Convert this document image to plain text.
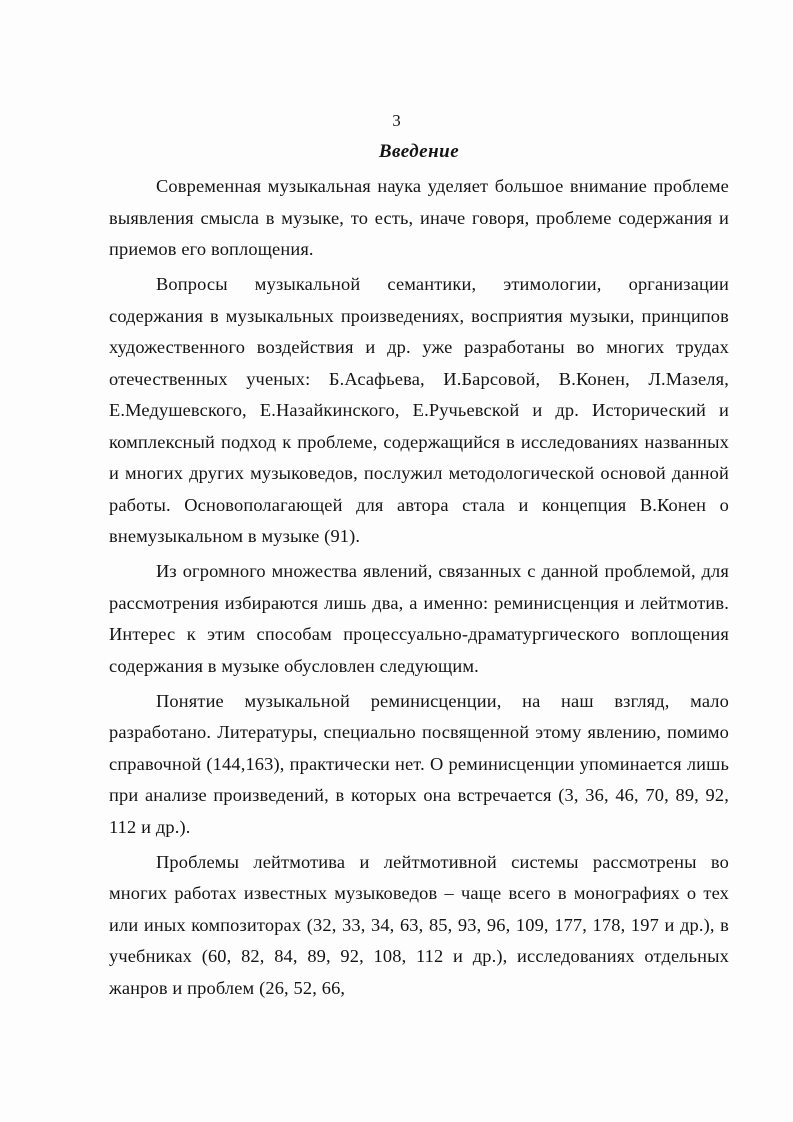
3
Введение

Современная музыкальная наука уделяет большое внимание проблеме выявления смысла в музыке, то есть, иначе говоря, проблеме содержания и приемов его воплощения.

Вопросы музыкальной семантики, этимологии, организации содержания в музыкальных произведениях, восприятия музыки, принципов художественного воздействия и др. уже разработаны во многих трудах отечественных ученых: Б.Асафьева, И.Барсовой, В.Конен, Л.Мазеля, Е.Медушевского, Е.Назайкинского, Е.Ручьевской и др. Исторический и комплексный подход к проблеме, содержащийся в исследованиях названных и многих других музыковедов, послужил методологической основой данной работы. Основополагающей для автора стала и концепция В.Конен о внемузыкальном в музыке (91).

Из огромного множества явлений, связанных с данной проблемой, для рассмотрения избираются лишь два, а именно: реминисценция и лейтмотив. Интерес к этим способам процессуально-драматургического воплощения содержания в музыке обусловлен следующим.

Понятие музыкальной реминисценции, на наш взгляд, мало разработано. Литературы, специально посвященной этому явлению, помимо справочной (144,163), практически нет. О реминисценции упоминается лишь при анализе произведений, в которых она встречается (3, 36, 46, 70, 89, 92, 112 и др.).

Проблемы лейтмотива и лейтмотивной системы рассмотрены во многих работах известных музыковедов – чаще всего в монографиях о тех или иных композиторах (32, 33, 34, 63, 85, 93, 96, 109, 177, 178, 197 и др.), в учебниках (60, 82, 84, 89, 92, 108, 112 и др.), исследованиях отдельных жанров и проблем (26, 52, 66,
